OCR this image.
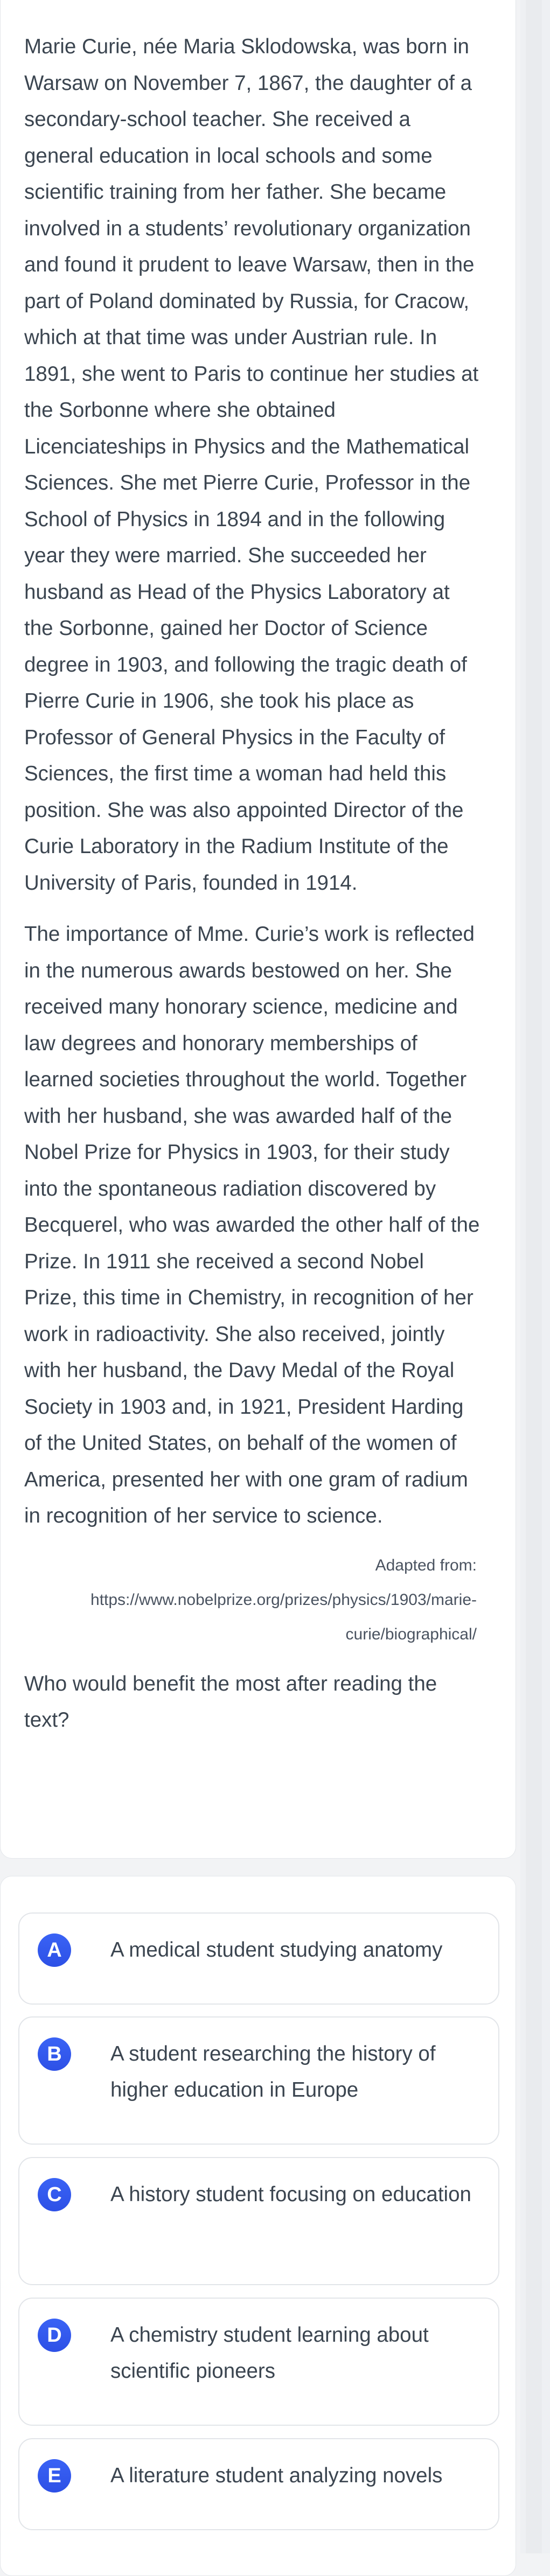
Marie Curie, née Maria Sklodowska, was born in Warsaw on November 7, 1867, the daughter of a secondary-school teacher. She received a general education in local schools and some scientific training from her father. She became involved in a students’ revolutionary organization and found it prudent to leave Warsaw, then in the part of Poland dominated by Russia, for Cracow, which at that time was under Austrian rule. In 1891, she went to Paris to continue her studies at the Sorbonne where she obtained Licenciateships in Physics and the Mathematical Sciences. She met Pierre Curie, Professor in the School of Physics in 1894 and in the following year they were married. She succeeded her husband as Head of the Physics Laboratory at the Sorbonne, gained her Doctor of Science degree in 1903, and following the tragic death of Pierre Curie in 1906, she took his place as Professor of General Physics in the Faculty of Sciences, the first time a woman had held this position. She was also appointed Director of the Curie Laboratory in the Radium Institute of the University of Paris, founded in 1914.

The importance of Mme. Curie’s work is reflected in the numerous awards bestowed on her. She received many honorary science, medicine and law degrees and honorary memberships of learned societies throughout the world. Together with her husband, she was awarded half of the Nobel Prize for Physics in 1903, for their study into the spontaneous radiation discovered by Becquerel, who was awarded the other half of the Prize. In 1911 she received a second Nobel Prize, this time in Chemistry, in recognition of her work in radioactivity. She also received, jointly with her husband, the Davy Medal of the Royal Society in 1903 and, in 1921, President Harding of the United States, on behalf of the women of America, presented her with one gram of radium in recognition of her service to science.

Adapted from:
https://www.nobelprize.org/prizes/physics/1903/marie-curie/biographical/
Who would benefit the most after reading the text?
A	A medical student studying anatomy
B	A student researching the history of higher education in Europe
C	A history student focusing on education
D	A chemistry student learning about scientific pioneers
E	A literature student analyzing novels
